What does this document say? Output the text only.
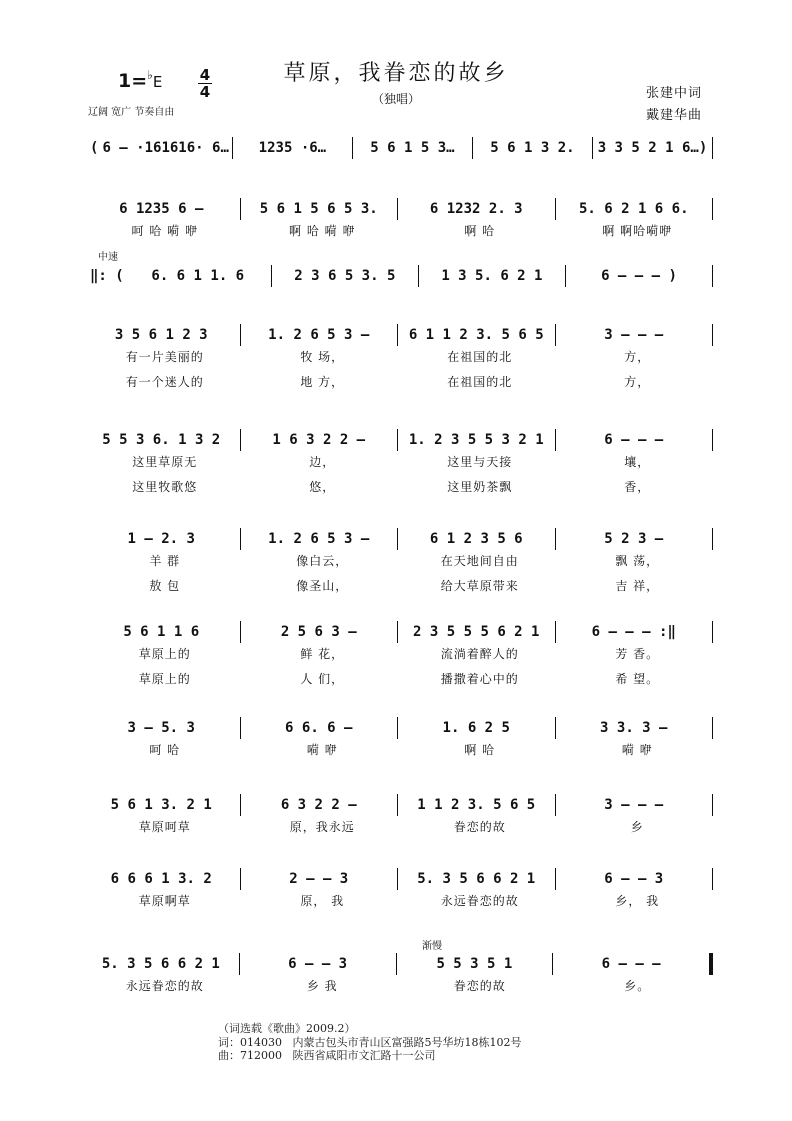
1=♭E 4
4
草原，我眷恋的故乡
（独唱）	张建中词
戴建华曲
辽阔 宽广 节奏自由
中速
渐慢
( 6 – ·161616· 6…	1235 ·6…	5 6 1 5 3…	5 6 1 3 2.	3 3 5 2 1 6…)
6 1235 6 –	5 6 1 5 6 5 3.	6 1232 2. 3	5. 6 2 1 6 6.
呵 哈 嗬 咿	啊 哈 嗬 咿	啊 哈	啊 啊哈嗬咿
‖: (	6. 6 1 1. 6	2 3 6 5 3. 5	1 3 5. 6 2 1	6 – – – )
3 5 6 1 2 3	1. 2 6 5 3 –	6 1 1 2 3. 5 6 5	3 – – –
有一片美丽的	牧 场，	在祖国的北	方，
有一个迷人的	地 方，	在祖国的北	方，
5 5 3 6. 1 3 2	1 6 3 2 2 –	1. 2 3 5 5 3 2 1	6 – – –
这里草原无	边，	这里与天接	壤，
这里牧歌悠	悠，	这里奶茶飘	香，
1 – 2. 3	1. 2 6 5 3 –	6 1 2 3 5 6	5 2 3 –
羊 群	像白云，	在天地间自由	飘 荡，
敖 包	像圣山，	给大草原带来	吉 祥，
5 6 1 1 6	2 5 6 3 –	2 3 5 5 5 6 2 1	6 – – – :‖
草原上的	鲜 花，	流淌着醉人的	芳 香。
草原上的	人 们，	播撒着心中的	希 望。
3 – 5. 3	6 6. 6 –	1. 6 2 5	3 3. 3 –
呵 哈	嗬 咿	啊 哈	嗬 咿
5 6 1 3. 2 1	6 3 2 2 –	1 1 2 3. 5 6 5	3 – – –
草原呵草	原，我永远	眷恋的故	乡
6 6 6 1 3. 2	2 – – 3	5. 3 5 6 6 2 1	6 – – 3
草原啊草	原， 我	永远眷恋的故	乡， 我
5. 3 5 6 6 2 1	6 – – 3	5 5 3 5 1	6 – – –
永远眷恋的故	乡 我	眷恋的故	乡。
（词选载《歌曲》2009.2）
词：014030 内蒙古包头市青山区富强路5号华坊18栋102号
曲：712000 陕西省咸阳市文汇路十一公司
